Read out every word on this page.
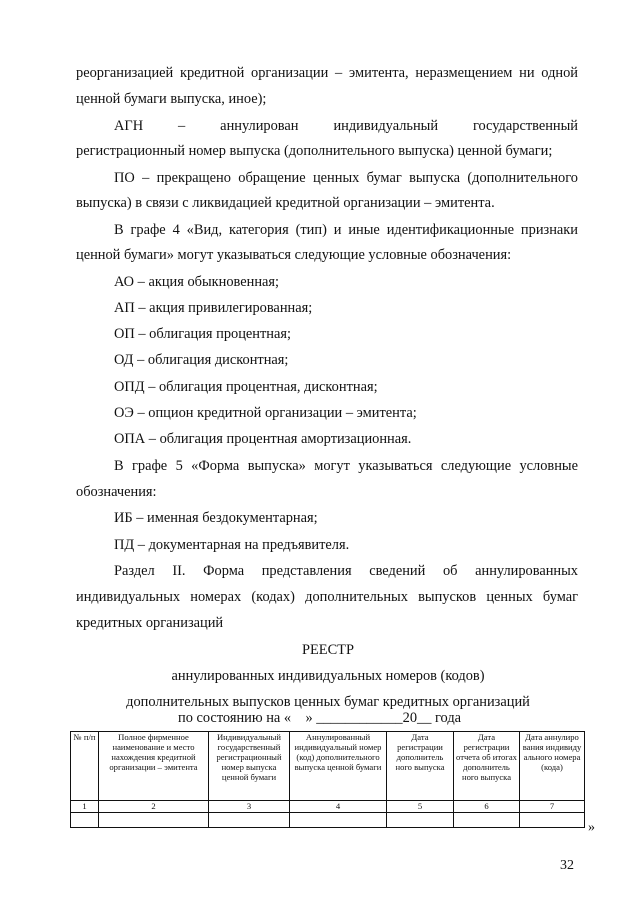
реорганизацией кредитной организации – эмитента, неразмещением ни одной
ценной бумаги выпуска, иное);
АГН – аннулирован индивидуальный государственный
регистрационный номер выпуска (дополнительного выпуска) ценной бумаги;
ПО – прекращено обращение ценных бумаг выпуска (дополнительного
выпуска) в связи с ликвидацией кредитной организации – эмитента.
В графе 4 «Вид, категория (тип) и иные идентификационные признаки
ценной бумаги» могут указываться следующие условные обозначения:
АО – акция обыкновенная;
АП – акция привилегированная;
ОП – облигация процентная;
ОД – облигация дисконтная;
ОПД – облигация процентная, дисконтная;
ОЭ – опцион кредитной организации – эмитента;
ОПА – облигация процентная амортизационная.
В графе 5 «Форма выпуска» могут указываться следующие условные
обозначения:
ИБ – именная бездокументарная;
ПД – документарная на предъявителя.
Раздел II. Форма представления сведений об аннулированных
индивидуальных номерах (кодах) дополнительных выпусков ценных бумаг
кредитных организаций
РЕЕСТР
аннулированных индивидуальных номеров (кодов)
дополнительных выпусков ценных бумаг кредитных организаций
по состоянию на «    » ____________20__ года
№ п/п	Полное фирменное наименование и место нахождения кредитной организации – эмитента	Индивидуальный государственный регистрационный номер выпуска ценной бумаги	Аннулированный индивидуальный номер (код) дополнительного выпуска ценной бумаги	Дата регистрации дополнитель ного выпуска	Дата регистрации отчета об итогах дополнитель ного выпуска	Дата аннулиро вания индивиду ального номера (кода)
1	2	3	4	5	6	7

»
32
